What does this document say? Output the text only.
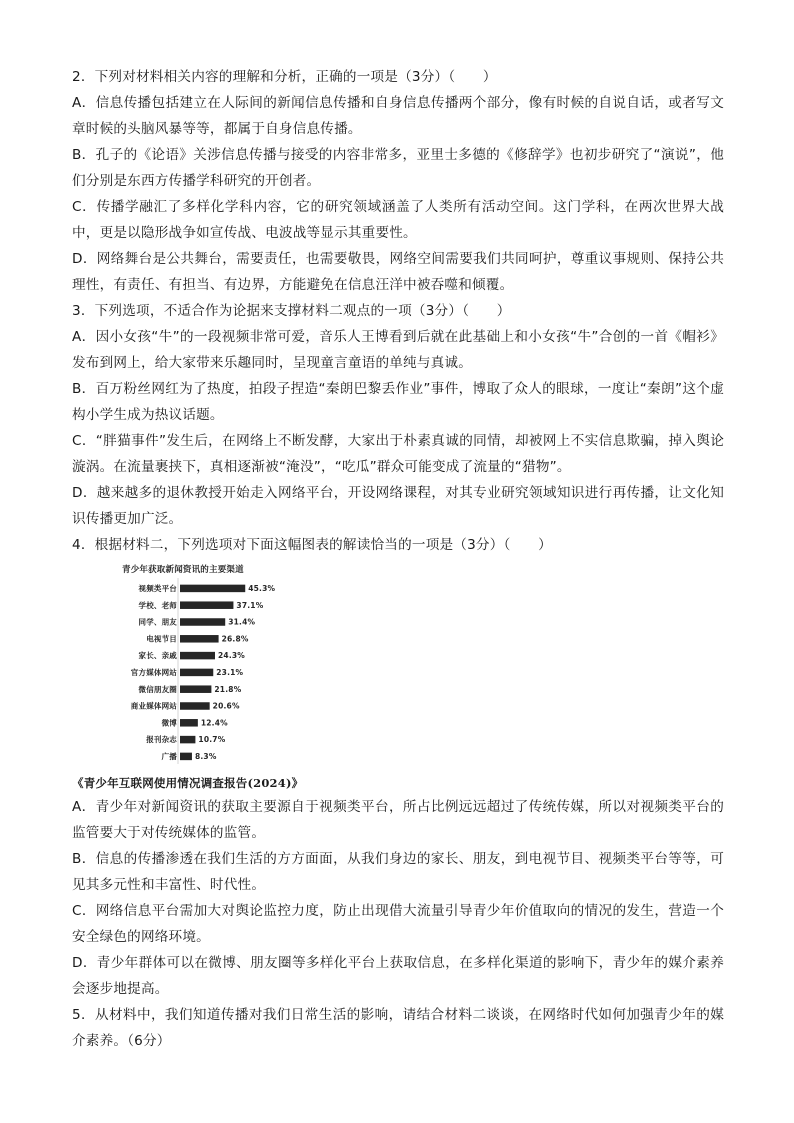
2．下列对材料相关内容的理解和分析，正确的一项是（3分）（　　）

A．信息传播包括建立在人际间的新闻信息传播和自身信息传播两个部分，像有时候的自说自话，或者写文章时候的头脑风暴等等，都属于自身信息传播。

B．孔子的《论语》关涉信息传播与接受的内容非常多，亚里士多德的《修辞学》也初步研究了“演说”，他们分别是东西方传播学科研究的开创者。

C．传播学融汇了多样化学科内容，它的研究领域涵盖了人类所有活动空间。这门学科，在两次世界大战中，更是以隐形战争如宣传战、电波战等显示其重要性。

D．网络舞台是公共舞台，需要责任，也需要敬畏，网络空间需要我们共同呵护，尊重议事规则、保持公共理性，有责任、有担当、有边界，方能避免在信息汪洋中被吞噬和倾覆。

3．下列选项，不适合作为论据来支撑材料二观点的一项（3分）（　　）

A．因小女孩“牛”的一段视频非常可爱，音乐人王博看到后就在此基础上和小女孩“牛”合创的一首《帽衫》发布到网上，给大家带来乐趣同时，呈现童言童语的单纯与真诚。

B．百万粉丝网红为了热度，拍段子捏造“秦朗巴黎丢作业”事件，博取了众人的眼球，一度让“秦朗”这个虚构小学生成为热议话题。

C．“胖猫事件”发生后，在网络上不断发酵，大家出于朴素真诚的同情，却被网上不实信息欺骗，掉入舆论漩涡。在流量裹挟下，真相逐渐被“淹没”，“吃瓜”群众可能变成了流量的“猎物”。

D．越来越多的退休教授开始走入网络平台，开设网络课程，对其专业研究领域知识进行再传播，让文化知识传播更加广泛。

4．根据材料二，下列选项对下面这幅图表的解读恰当的一项是（3分）（　　）

青少年获取新闻资讯的主要渠道
视频类平台	45.3%
学校、老师	37.1%
同学、朋友	31.4%
电视节目	26.8%
家长、亲戚	24.3%
官方媒体网站	23.1%
微信朋友圈	21.8%
商业媒体网站	20.6%
微博	12.4%
报刊杂志	10.7%
广播 8.3%

《青少年互联网使用情况调查报告(2024)》

A．青少年对新闻资讯的获取主要源自于视频类平台，所占比例远远超过了传统传媒，所以对视频类平台的监管要大于对传统媒体的监管。

B．信息的传播渗透在我们生活的方方面面，从我们身边的家长、朋友，到电视节目、视频类平台等等，可见其多元性和丰富性、时代性。

C．网络信息平台需加大对舆论监控力度，防止出现借大流量引导青少年价值取向的情况的发生，营造一个安全绿色的网络环境。

D．青少年群体可以在微博、朋友圈等多样化平台上获取信息，在多样化渠道的影响下，青少年的媒介素养会逐步地提高。

5．从材料中，我们知道传播对我们日常生活的影响，请结合材料二谈谈，在网络时代如何加强青少年的媒介素养。（6分）
